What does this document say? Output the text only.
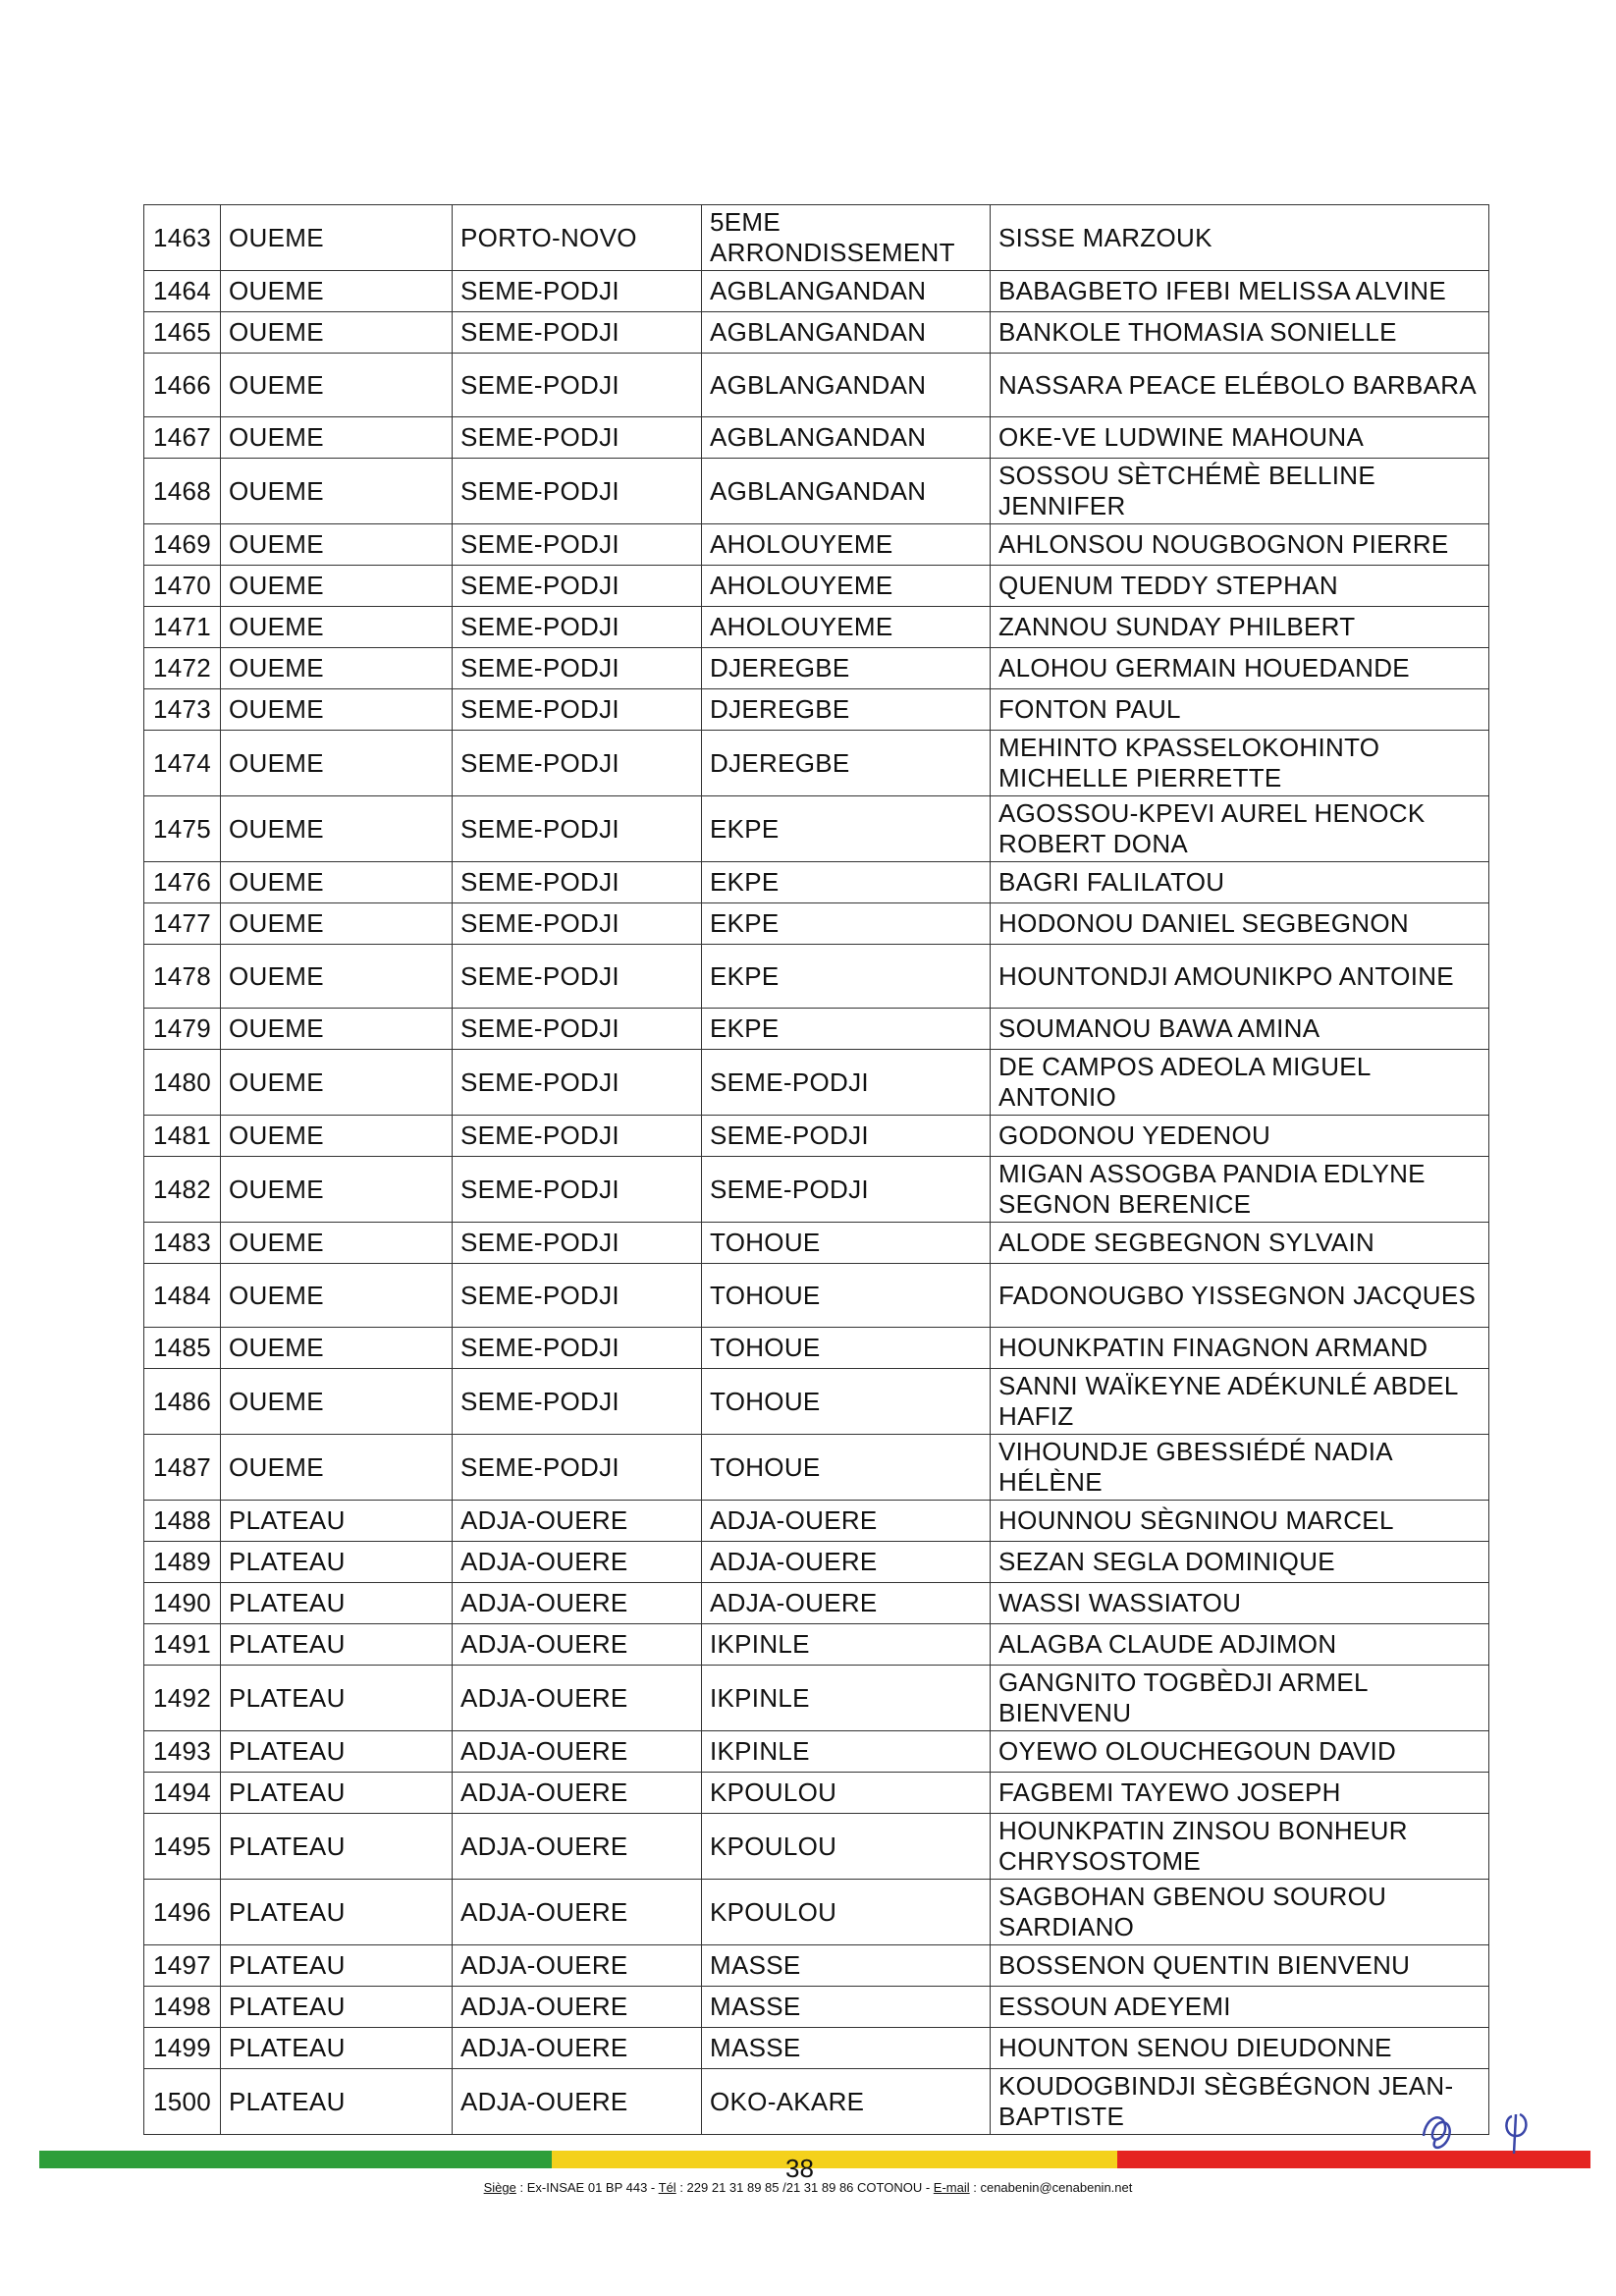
1463	OUEME	PORTO-NOVO	5EME ARRONDISSEMENT	SISSE MARZOUK
1464	OUEME	SEME-PODJI	AGBLANGANDAN	BABAGBETO IFEBI MELISSA ALVINE
1465	OUEME	SEME-PODJI	AGBLANGANDAN	BANKOLE THOMASIA SONIELLE
1466	OUEME	SEME-PODJI	AGBLANGANDAN	NASSARA PEACE ELÉBOLO BARBARA
1467	OUEME	SEME-PODJI	AGBLANGANDAN	OKE-VE LUDWINE MAHOUNA
1468	OUEME	SEME-PODJI	AGBLANGANDAN	SOSSOU SÈTCHÉMÈ BELLINE JENNIFER
1469	OUEME	SEME-PODJI	AHOLOUYEME	AHLONSOU NOUGBOGNON PIERRE
1470	OUEME	SEME-PODJI	AHOLOUYEME	QUENUM TEDDY STEPHAN
1471	OUEME	SEME-PODJI	AHOLOUYEME	ZANNOU SUNDAY PHILBERT
1472	OUEME	SEME-PODJI	DJEREGBE	ALOHOU GERMAIN HOUEDANDE
1473	OUEME	SEME-PODJI	DJEREGBE	FONTON PAUL
1474	OUEME	SEME-PODJI	DJEREGBE	MEHINTO KPASSELOKOHINTO MICHELLE PIERRETTE
1475	OUEME	SEME-PODJI	EKPE	AGOSSOU-KPEVI AUREL HENOCK ROBERT DONA
1476	OUEME	SEME-PODJI	EKPE	BAGRI FALILATOU
1477	OUEME	SEME-PODJI	EKPE	HODONOU DANIEL SEGBEGNON
1478	OUEME	SEME-PODJI	EKPE	HOUNTONDJI AMOUNIKPO ANTOINE
1479	OUEME	SEME-PODJI	EKPE	SOUMANOU BAWA AMINA
1480	OUEME	SEME-PODJI	SEME-PODJI	DE CAMPOS ADEOLA MIGUEL ANTONIO
1481	OUEME	SEME-PODJI	SEME-PODJI	GODONOU YEDENOU
1482	OUEME	SEME-PODJI	SEME-PODJI	MIGAN ASSOGBA PANDIA EDLYNE SEGNON BERENICE
1483	OUEME	SEME-PODJI	TOHOUE	ALODE SEGBEGNON SYLVAIN
1484	OUEME	SEME-PODJI	TOHOUE	FADONOUGBO YISSEGNON JACQUES
1485	OUEME	SEME-PODJI	TOHOUE	HOUNKPATIN FINAGNON ARMAND
1486	OUEME	SEME-PODJI	TOHOUE	SANNI WAÏKEYNE ADÉKUNLÉ ABDEL HAFIZ
1487	OUEME	SEME-PODJI	TOHOUE	VIHOUNDJE GBESSIÉDÉ NADIA HÉLÈNE
1488	PLATEAU	ADJA-OUERE	ADJA-OUERE	HOUNNOU SÈGNINOU MARCEL
1489	PLATEAU	ADJA-OUERE	ADJA-OUERE	SEZAN SEGLA DOMINIQUE
1490	PLATEAU	ADJA-OUERE	ADJA-OUERE	WASSI WASSIATOU
1491	PLATEAU	ADJA-OUERE	IKPINLE	ALAGBA CLAUDE ADJIMON
1492	PLATEAU	ADJA-OUERE	IKPINLE	GANGNITO TOGBÈDJI ARMEL BIENVENU
1493	PLATEAU	ADJA-OUERE	IKPINLE	OYEWO OLOUCHEGOUN DAVID
1494	PLATEAU	ADJA-OUERE	KPOULOU	FAGBEMI TAYEWO JOSEPH
1495	PLATEAU	ADJA-OUERE	KPOULOU	HOUNKPATIN ZINSOU BONHEUR CHRYSOSTOME
1496	PLATEAU	ADJA-OUERE	KPOULOU	SAGBOHAN GBENOU SOUROU SARDIANO
1497	PLATEAU	ADJA-OUERE	MASSE	BOSSENON QUENTIN BIENVENU
1498	PLATEAU	ADJA-OUERE	MASSE	ESSOUN ADEYEMI
1499	PLATEAU	ADJA-OUERE	MASSE	HOUNTON SENOU DIEUDONNE
1500	PLATEAU	ADJA-OUERE	OKO-AKARE	KOUDOGBINDJI SÈGBÉGNON JEAN-BAPTISTE
38
Siège : Ex-INSAE 01 BP 443 - Tél : 229 21 31 89 85 /21 31 89 86 COTONOU - E-mail : cenabenin@cenabenin.net
